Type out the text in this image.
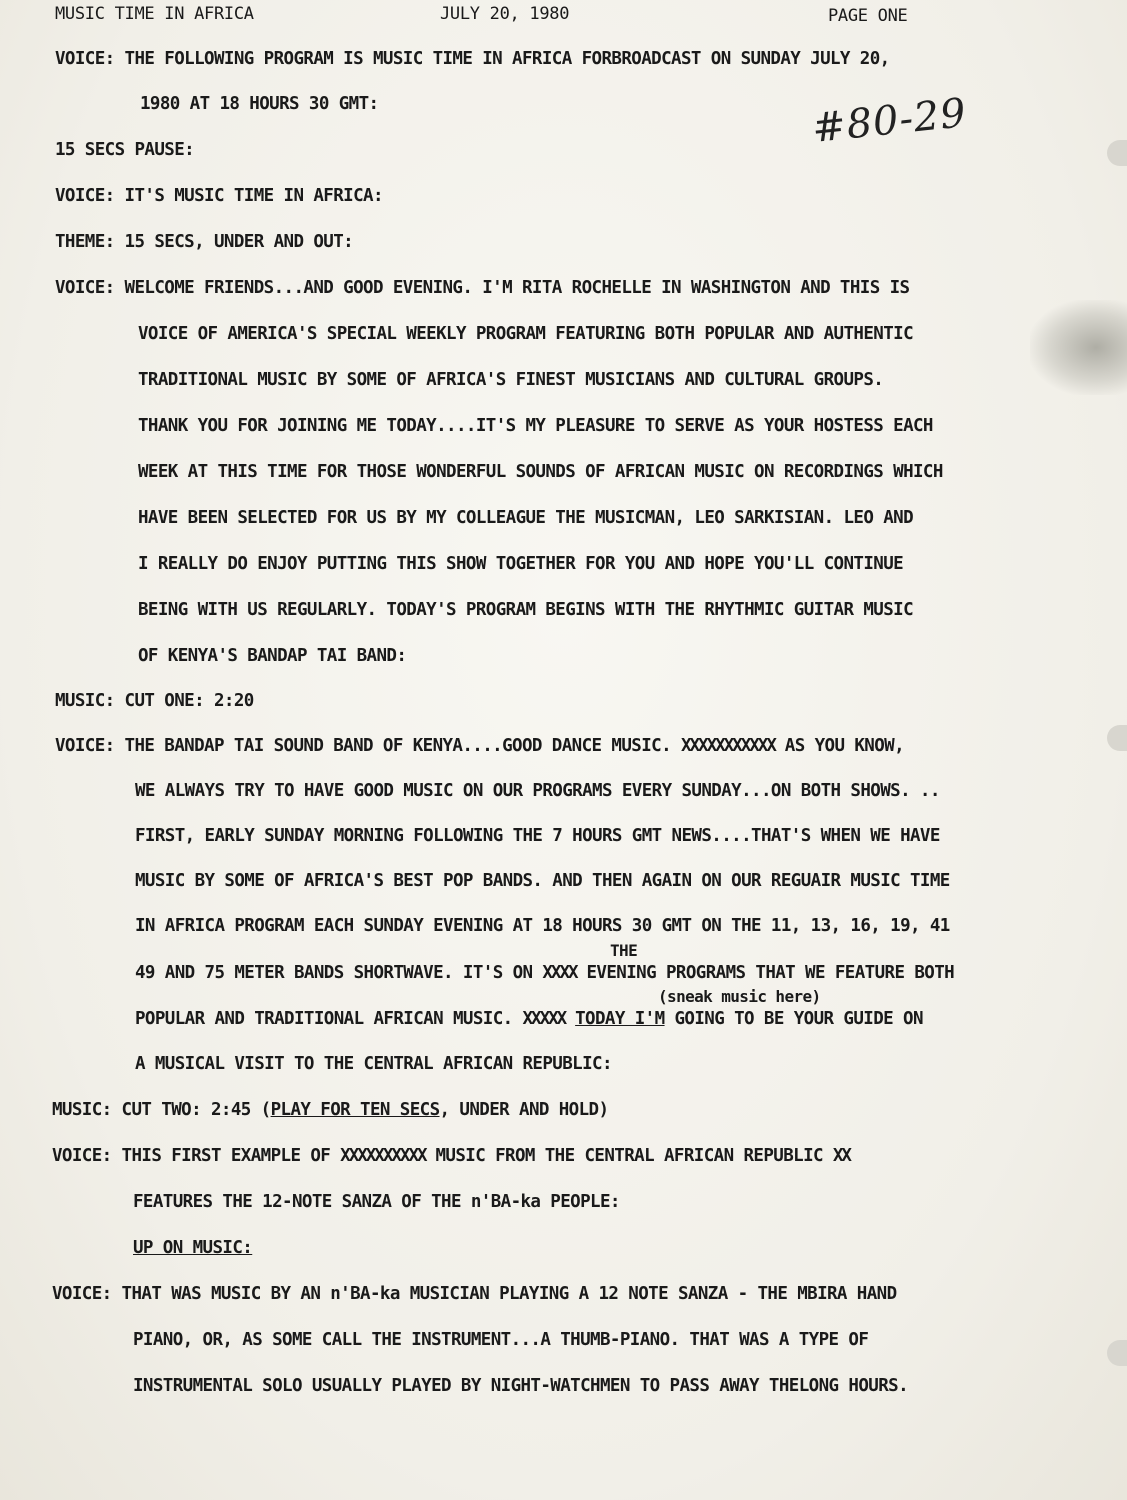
MUSIC TIME IN AFRICA	JULY 20, 1980	PAGE ONE
#80-29
VOICE: THE FOLLOWING PROGRAM IS MUSIC TIME IN AFRICA FORBROADCAST ON SUNDAY JULY 20,
1980 AT 18 HOURS 30 GMT:
15 SECS PAUSE:
VOICE: IT'S MUSIC TIME IN AFRICA:
THEME: 15 SECS, UNDER AND OUT:
VOICE: WELCOME FRIENDS...AND GOOD EVENING. I'M RITA ROCHELLE IN WASHINGTON AND THIS IS
VOICE OF AMERICA'S SPECIAL WEEKLY PROGRAM FEATURING BOTH POPULAR AND AUTHENTIC
TRADITIONAL MUSIC BY SOME OF AFRICA'S FINEST MUSICIANS AND CULTURAL GROUPS.
THANK YOU FOR JOINING ME TODAY....IT'S MY PLEASURE TO SERVE AS YOUR HOSTESS EACH
WEEK AT THIS TIME FOR THOSE WONDERFUL SOUNDS OF AFRICAN MUSIC ON RECORDINGS WHICH
HAVE BEEN SELECTED FOR US BY MY COLLEAGUE THE MUSICMAN, LEO SARKISIAN. LEO AND
I REALLY DO ENJOY PUTTING THIS SHOW TOGETHER FOR YOU AND HOPE YOU'LL CONTINUE
BEING WITH US REGULARLY. TODAY'S PROGRAM BEGINS WITH THE RHYTHMIC GUITAR MUSIC
OF KENYA'S BANDAP TAI BAND:
MUSIC: CUT ONE: 2:20
VOICE: THE BANDAP TAI SOUND BAND OF KENYA....GOOD DANCE MUSIC. XXXXXXXXXXX AS YOU KNOW,
WE ALWAYS TRY TO HAVE GOOD MUSIC ON OUR PROGRAMS EVERY SUNDAY...ON BOTH SHOWS. ..
FIRST, EARLY SUNDAY MORNING FOLLOWING THE 7 HOURS GMT NEWS....THAT'S WHEN WE HAVE
MUSIC BY SOME OF AFRICA'S BEST POP BANDS. AND THEN AGAIN ON OUR REGUAIR MUSIC TIME
IN AFRICA PROGRAM EACH SUNDAY EVENING AT 18 HOURS 30 GMT ON THE 11, 13, 16, 19, 41
THE
49 AND 75 METER BANDS SHORTWAVE. IT'S ON XXXX EVENING PROGRAMS THAT WE FEATURE BOTH
(sneak music here)
POPULAR AND TRADITIONAL AFRICAN MUSIC. XXXXX TODAY I'M GOING TO BE YOUR GUIDE ON
A MUSICAL VISIT TO THE CENTRAL AFRICAN REPUBLIC:
MUSIC: CUT TWO: 2:45 (PLAY FOR TEN SECS, UNDER AND HOLD)
VOICE: THIS FIRST EXAMPLE OF XXXXXXXXXX MUSIC FROM THE CENTRAL AFRICAN REPUBLIC XX
FEATURES THE 12-NOTE SANZA OF THE n'BA-ka PEOPLE:
UP ON MUSIC:
VOICE: THAT WAS MUSIC BY AN n'BA-ka MUSICIAN PLAYING A 12 NOTE SANZA - THE MBIRA HAND
PIANO, OR, AS SOME CALL THE INSTRUMENT...A THUMB-PIANO. THAT WAS A TYPE OF
INSTRUMENTAL SOLO USUALLY PLAYED BY NIGHT-WATCHMEN TO PASS AWAY THELONG HOURS.
